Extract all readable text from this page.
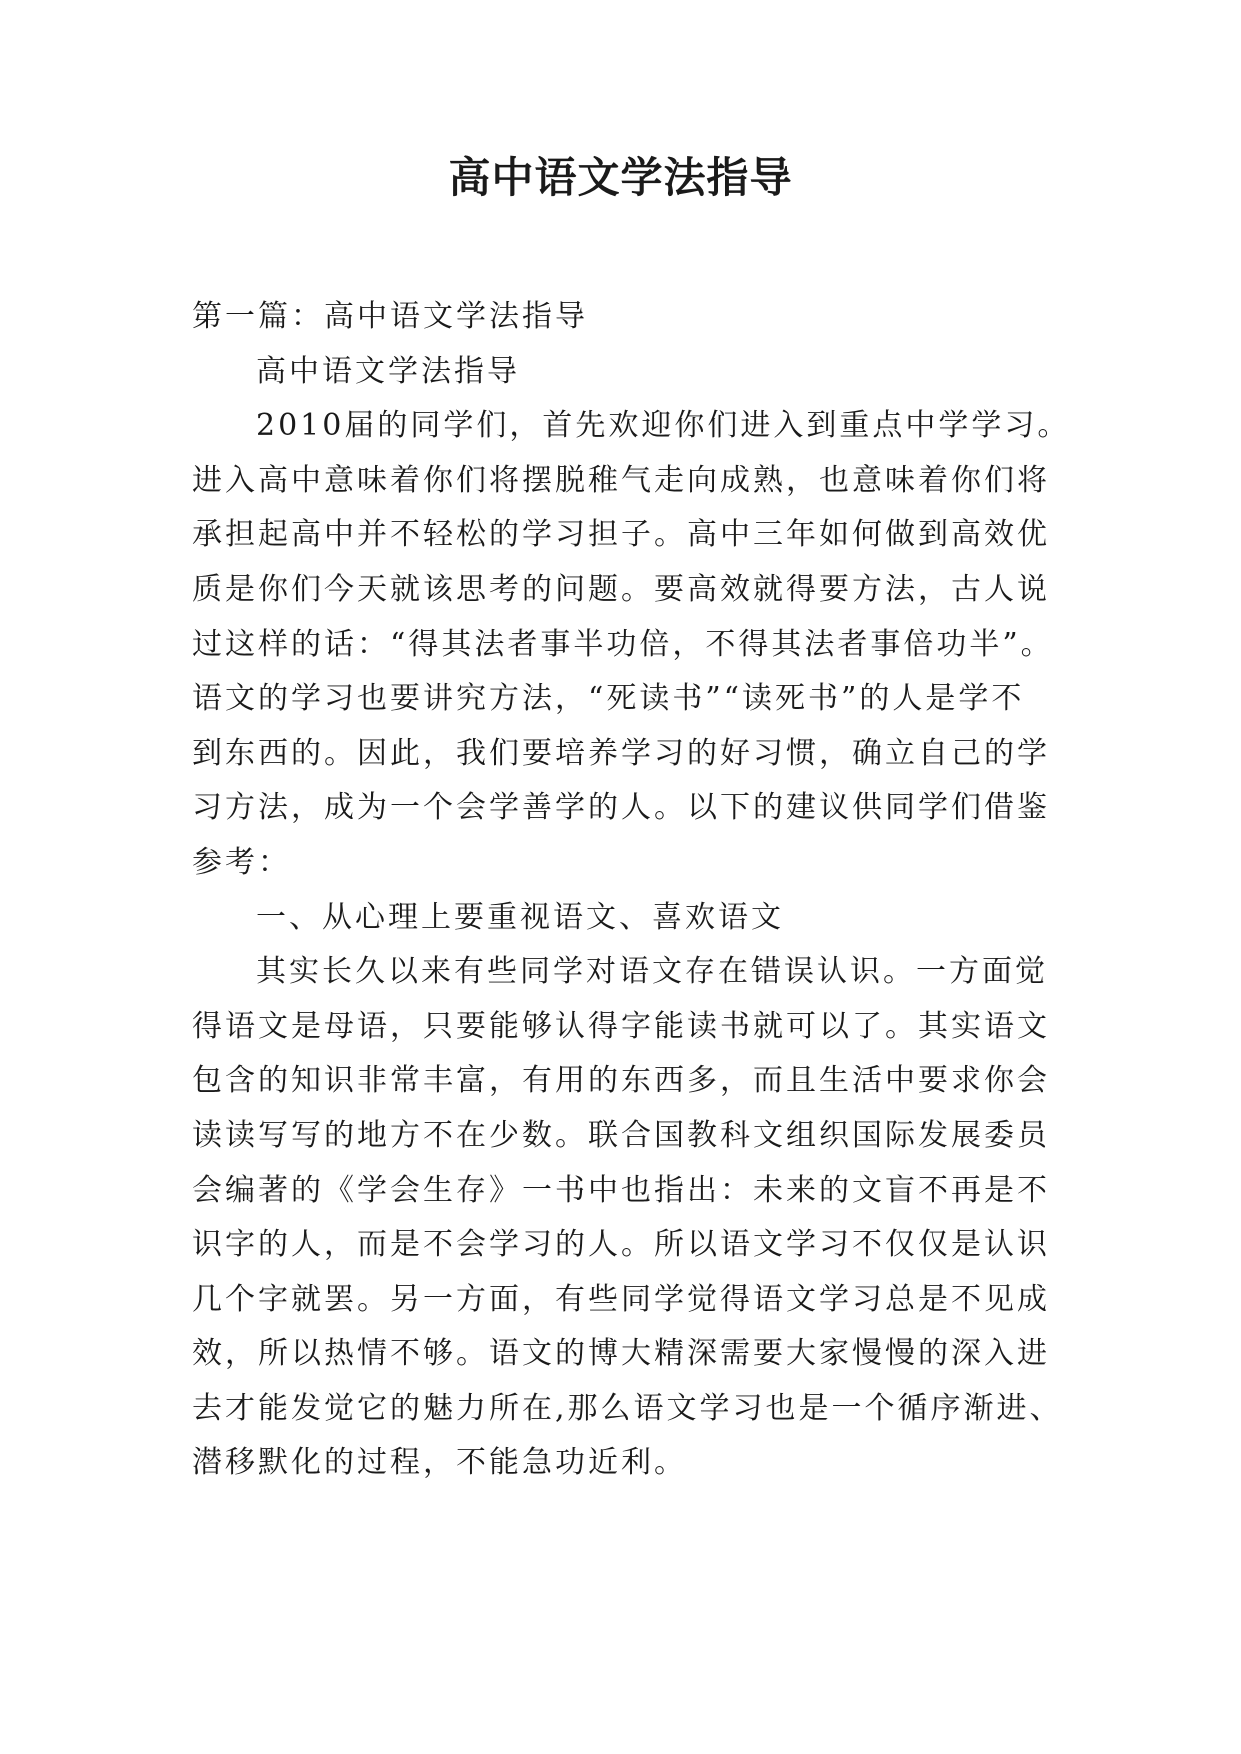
高中语文学法指导
第一篇：高中语文学法指导
高中语文学法指导
2010届的同学们，首先欢迎你们进入到重点中学学习。
进入高中意味着你们将摆脱稚气走向成熟，也意味着你们将
承担起高中并不轻松的学习担子。高中三年如何做到高效优
质是你们今天就该思考的问题。要高效就得要方法，古人说
过这样的话：“得其法者事半功倍，不得其法者事倍功半”。
语文的学习也要讲究方法，“死读书”“读死书”的人是学不
到东西的。因此，我们要培养学习的好习惯，确立自己的学
习方法，成为一个会学善学的人。以下的建议供同学们借鉴
参考：
一、从心理上要重视语文、喜欢语文
其实长久以来有些同学对语文存在错误认识。一方面觉
得语文是母语，只要能够认得字能读书就可以了。其实语文
包含的知识非常丰富，有用的东西多，而且生活中要求你会
读读写写的地方不在少数。联合国教科文组织国际发展委员
会编著的《学会生存》一书中也指出：未来的文盲不再是不
识字的人，而是不会学习的人。所以语文学习不仅仅是认识
几个字就罢。另一方面，有些同学觉得语文学习总是不见成
效，所以热情不够。语文的博大精深需要大家慢慢的深入进
去才能发觉它的魅力所在,那么语文学习也是一个循序渐进、
潜移默化的过程，不能急功近利。
